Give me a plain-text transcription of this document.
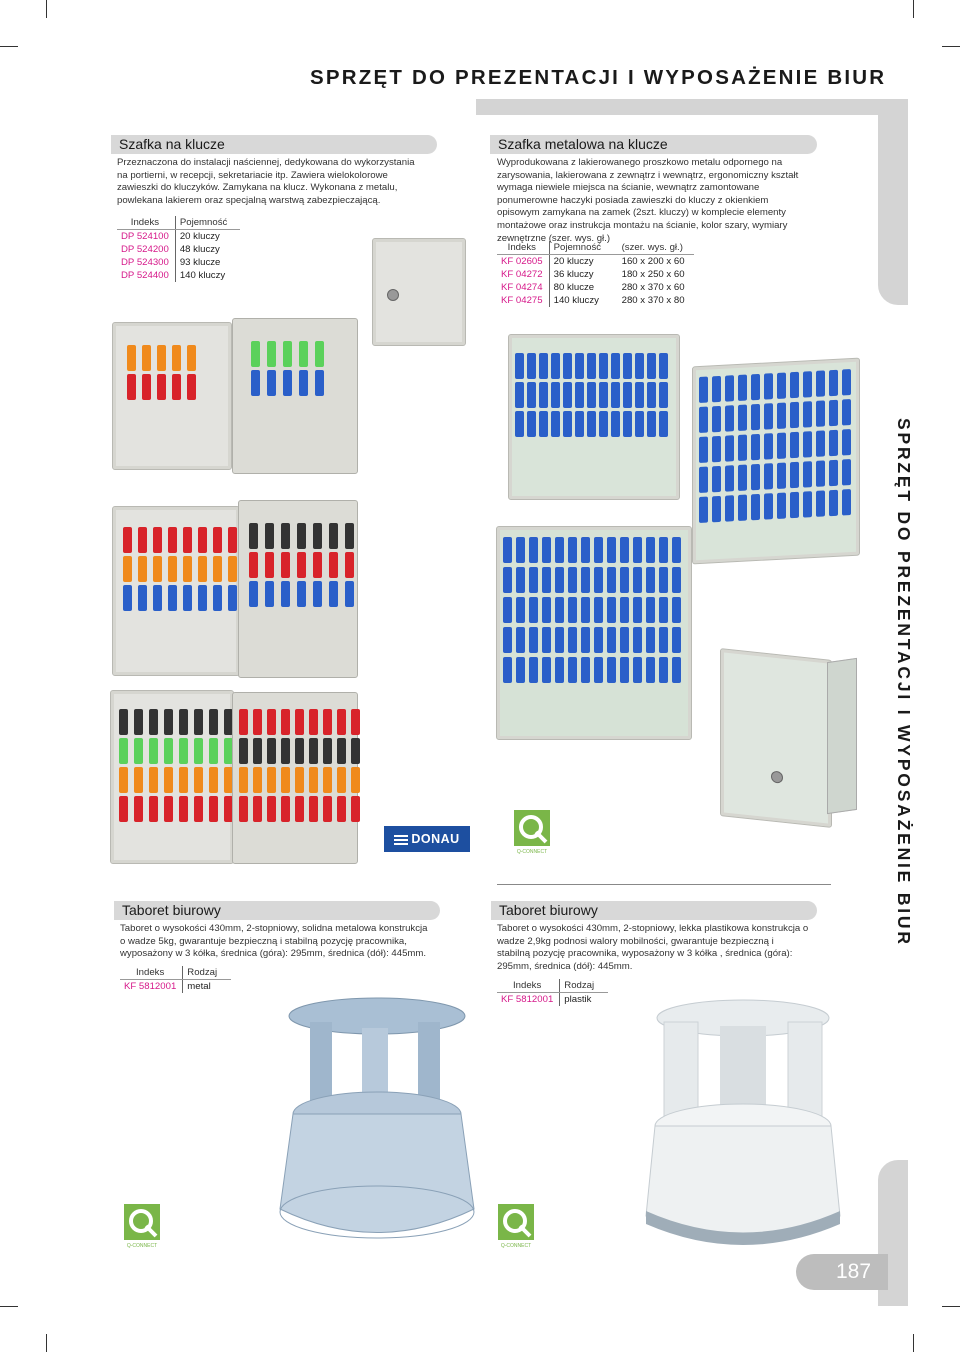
SPRZĘT DO PREZENTACJI I WYPOSAŻENIE BIUR
SPRZĘT DO PREZENTACJI I WYPOSAŻENIE BIUR
Szafka na klucze
Przeznaczona do instalacji naściennej, dedykowana do wykorzystania na portierni, w recepcji, sekretariacie itp. Zawiera wielokolorowe zawieszki do kluczyków. Zamykana na klucz. Wykonana z metalu, powlekana lakierem oraz specjalną warstwą zabezpieczającą.
Indeks	Pojemność
DP 524100	20 kluczy
DP 524200	48 kluczy
DP 524300	93 klucze
DP 524400	140 kluczy
DONAU
Szafka metalowa na klucze
Wyprodukowana z lakierowanego proszkowo metalu odpornego na zarysowania, lakierowana z zewnątrz i wewnątrz, ergonomiczny kształt wymaga niewiele miejsca na ścianie, wewnątrz zamontowane ponumerowne haczyki posiada zawieszki do kluczy z okienkiem opisowym zamykana na zamek (2szt. kluczy) w komplecie elementy montażowe oraz instrukcja montażu na ścianie, kolor szary, wymiary zewnętrzne (szer. wys. gł.)
Indeks	Pojemność	(szer. wys. gł.)
KF 02605	20 kluczy	160 x 200 x 60
KF 04272	36 kluczy	180 x 250 x 60
KF 04274	80 klucze	280 x 370 x 60
KF 04275	140 kluczy	280 x 370 x 80
Q-CONNECT
Taboret biurowy
Taboret o wysokości 430mm, 2-stopniowy, solidna metalowa konstrukcja o wadze 5kg, gwarantuje bezpieczną i stabilną pozycję pracownika, wyposażony w 3 kółka, średnica (góra): 295mm, średnica (dół): 445mm.
Indeks	Rodzaj
KF 5812001	metal
Q-CONNECT
Taboret biurowy
Taboret o wysokości 430mm, 2-stopniowy, lekka plastikowa konstrukcja o wadze 2,9kg podnosi walory mobilności, gwarantuje bezpieczną i stabilną pozycję pracownika, wyposażony w 3 kółka , średnica (góra): 295mm, średnica (dół): 445mm.
Indeks	Rodzaj
KF 5812001	plastik
Q-CONNECT
187
